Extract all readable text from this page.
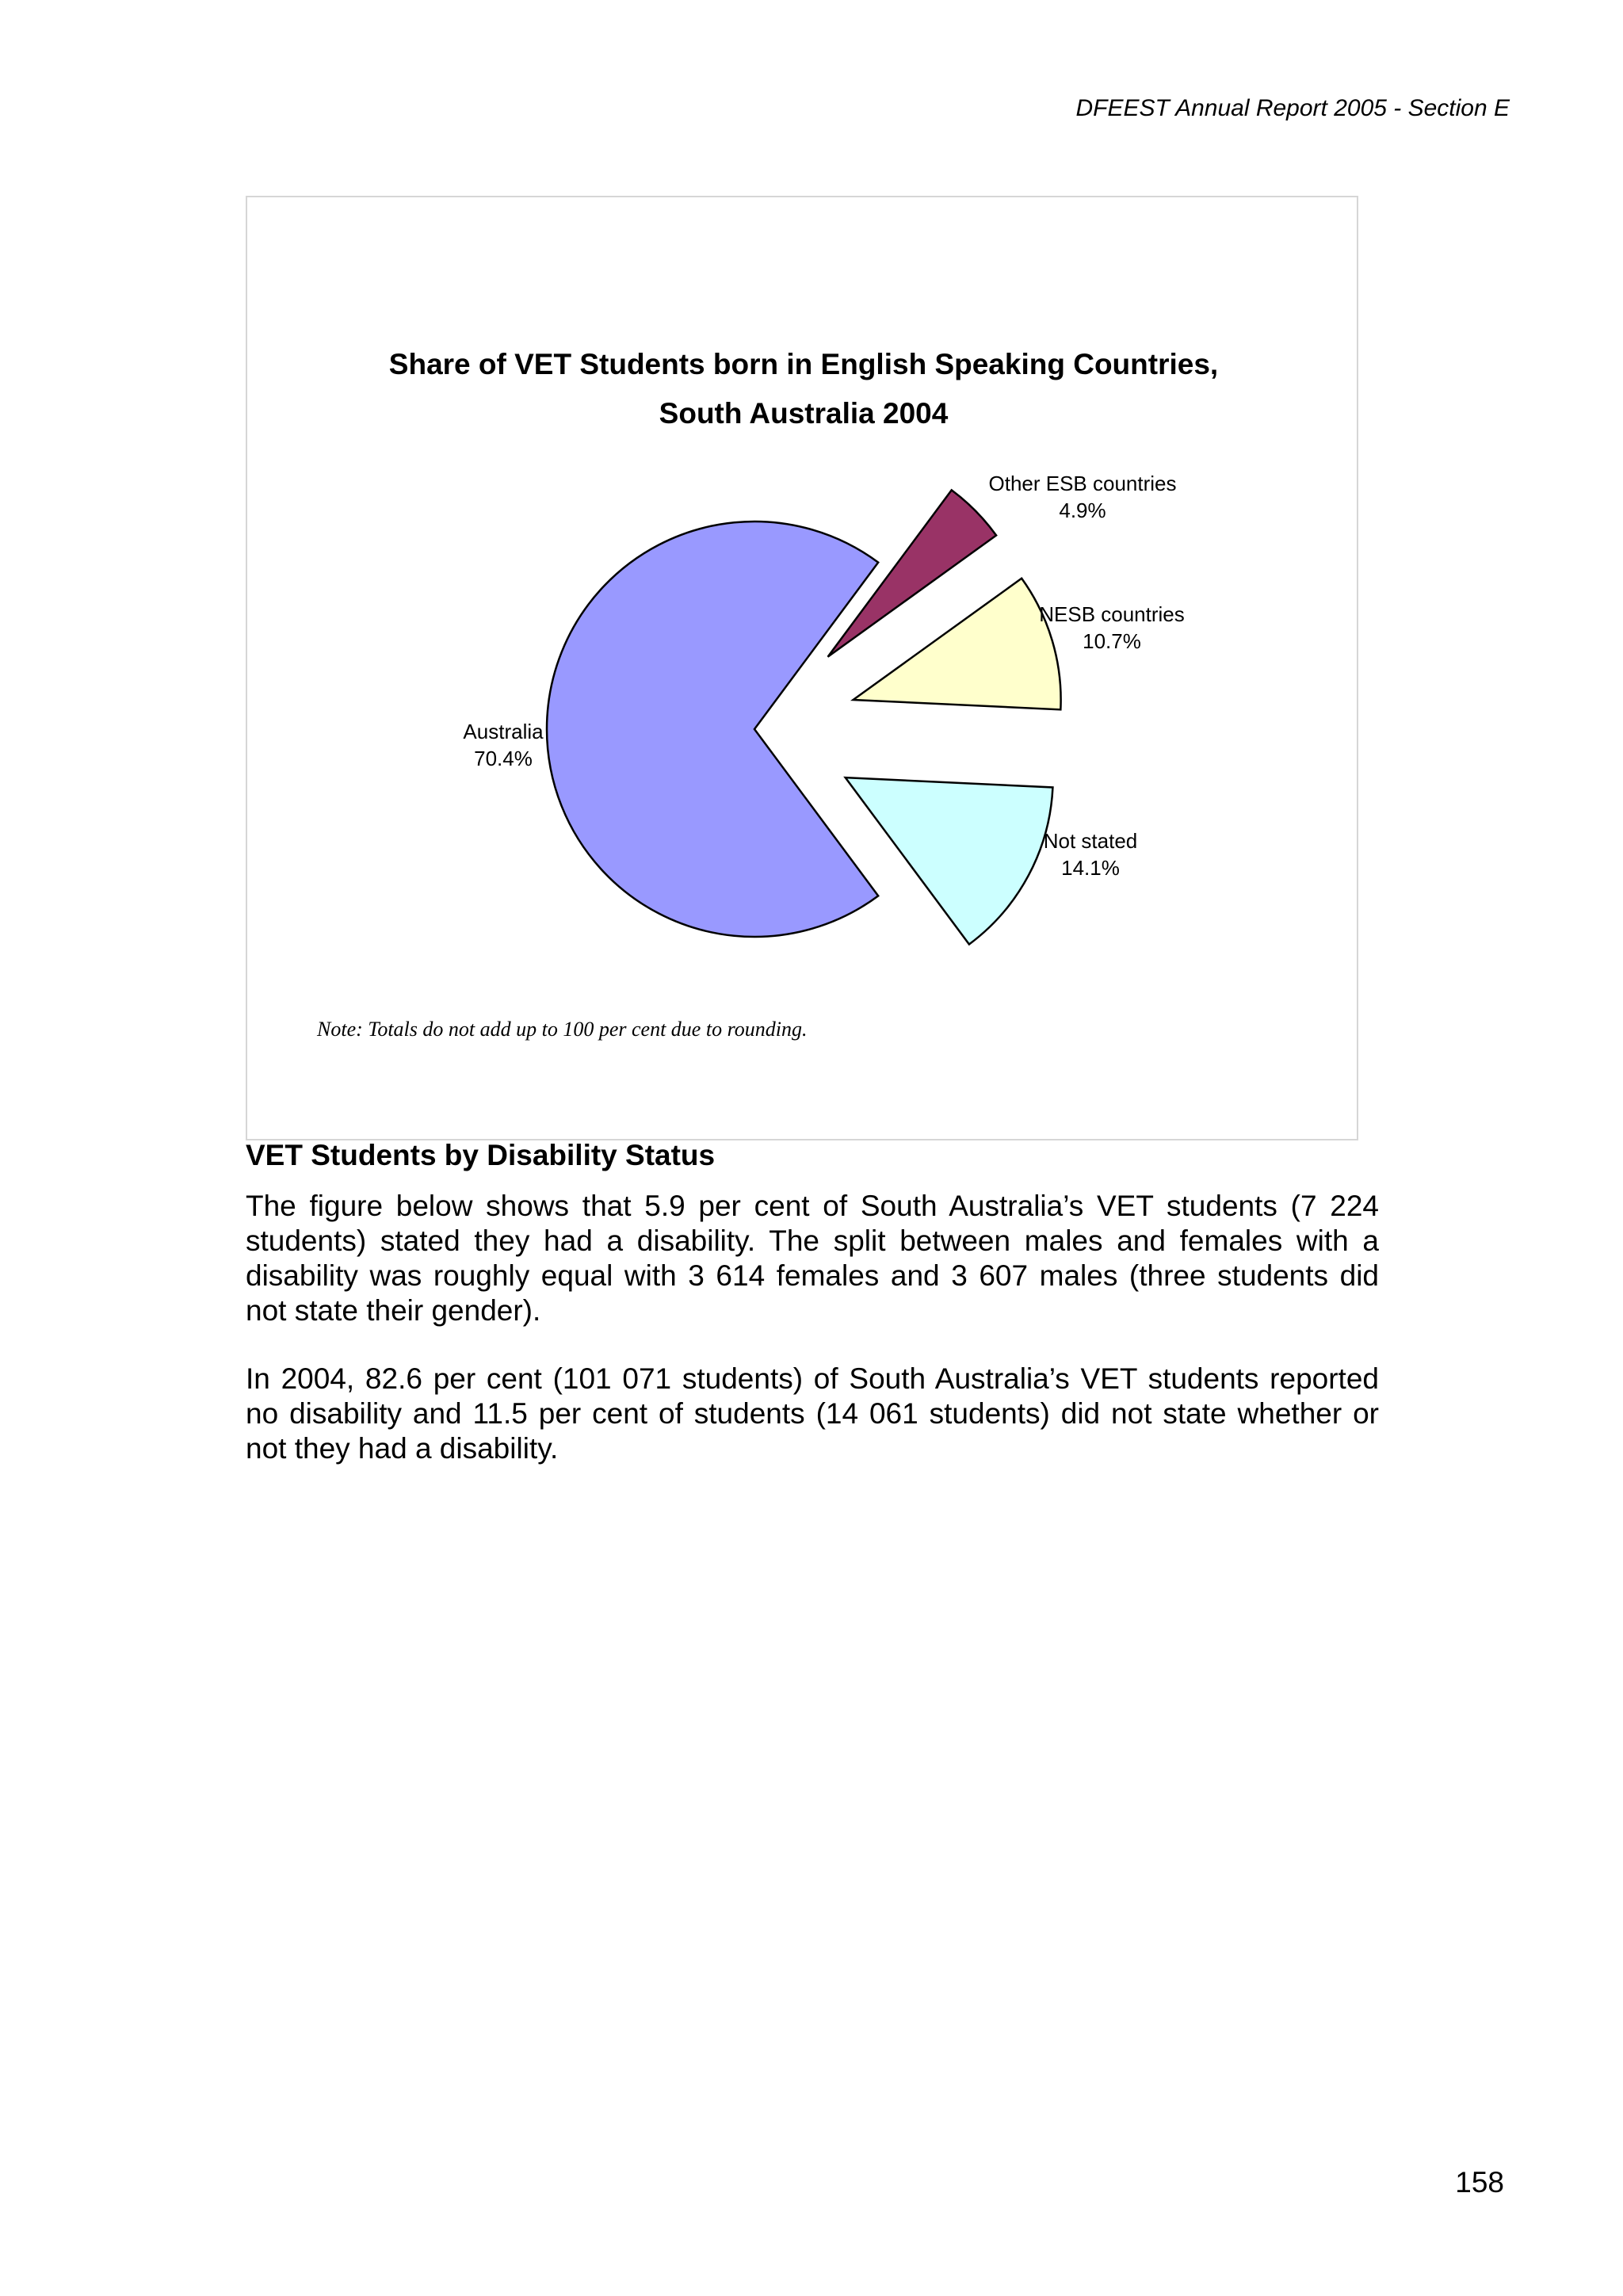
DFEEST Annual Report 2005 - Section E
Share of VET Students born in English Speaking Countries,
South Australia 2004
Australia 70.4%
Other ESB countries 4.9%
NESB countries 10.7%
Not stated 14.1%
Note: Totals do not add up to 100 per cent due to rounding.
VET Students by Disability Status

The figure below shows that 5.9 per cent of South Australia’s VET students (7 224 students) stated they had a disability. The split between males and females with a disability was roughly equal with 3 614 females and 3 607 males (three students did not state their gender).

In 2004, 82.6 per cent (101 071 students) of South Australia’s VET students reported no disability and 11.5 per cent of students (14 061 students) did not state whether or not they had a disability.

158
